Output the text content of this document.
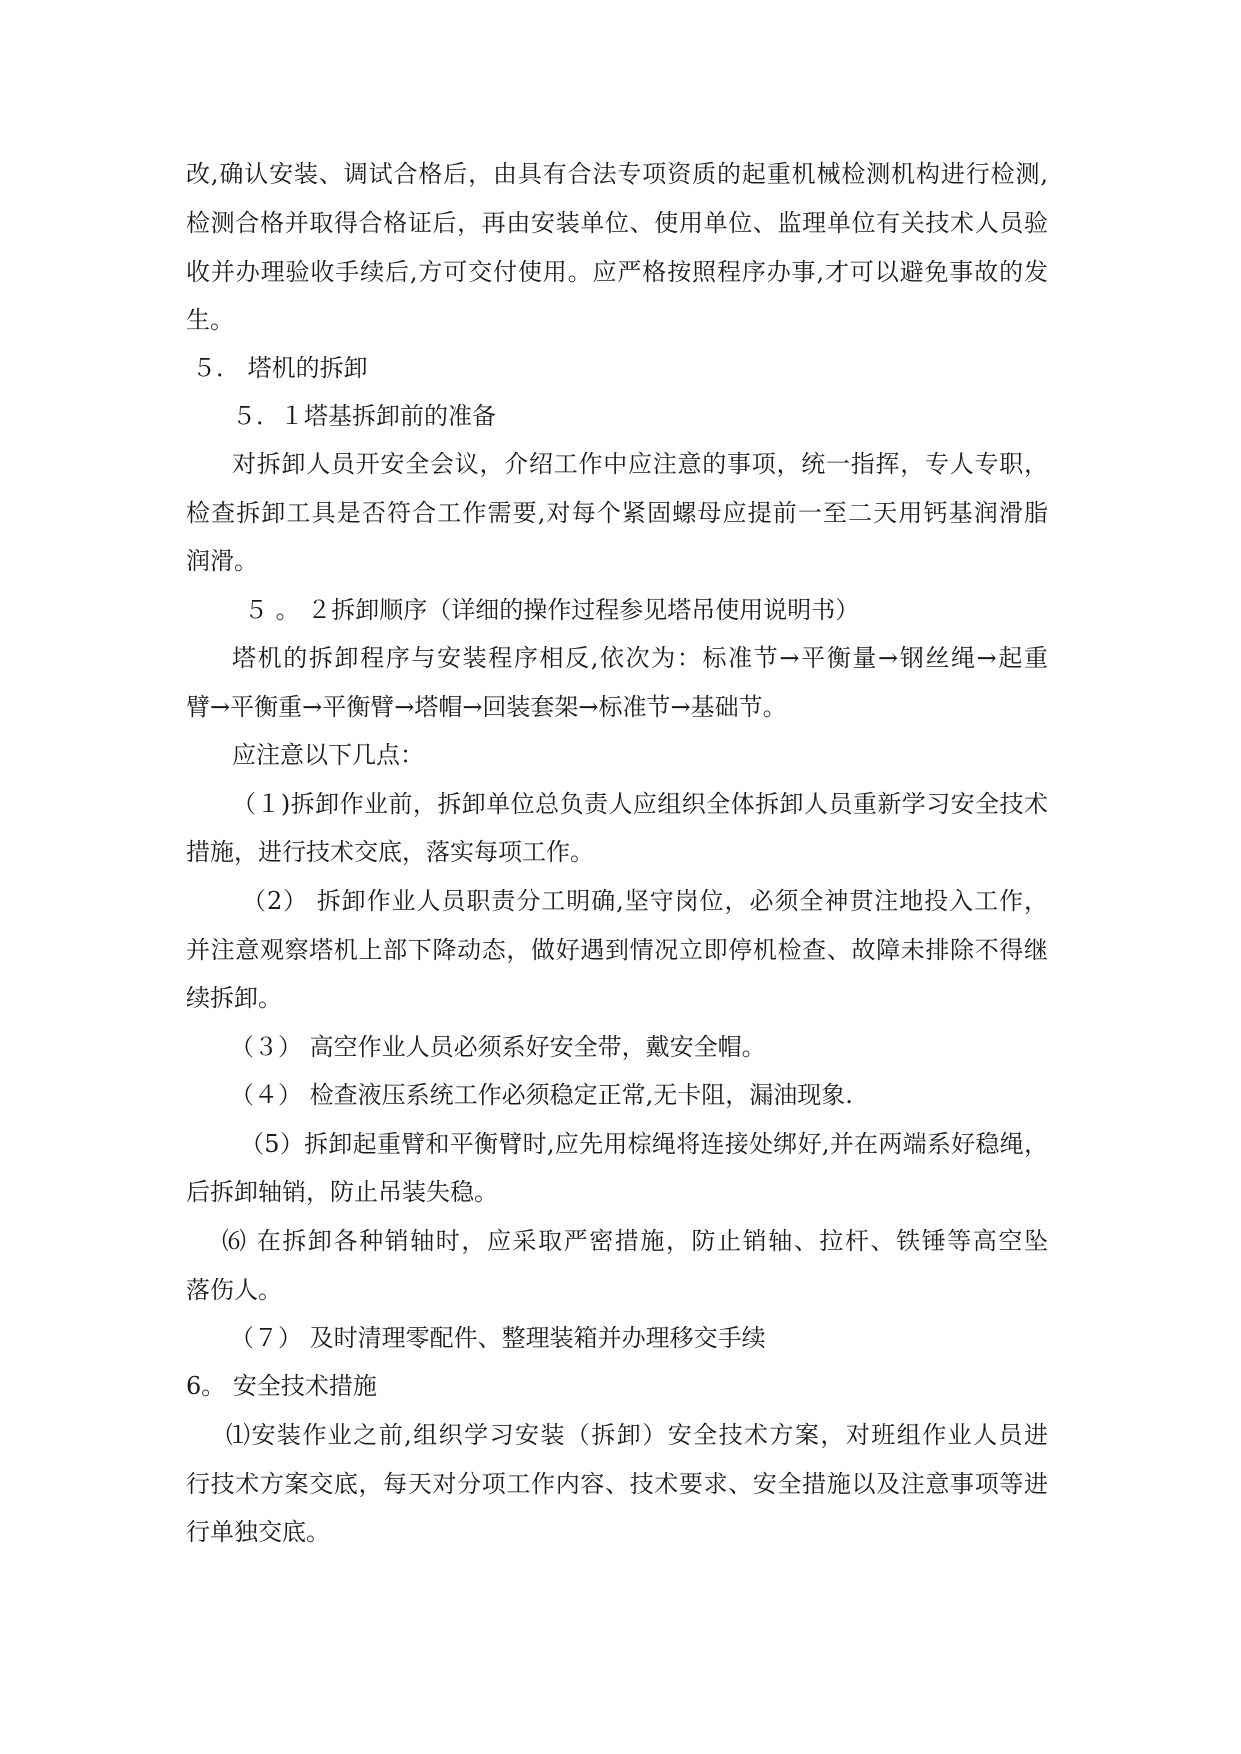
改,确认安装、调试合格后，由具有合法专项资质的起重机械检测机构进行检测,
检测合格并取得合格证后，再由安装单位、使用单位、监理单位有关技术人员验
收并办理验收手续后,方可交付使用。应严格按照程序办事,才可以避免事故的发
生。
５． 塔机的拆卸
５．１塔基拆卸前的准备
对拆卸人员开安全会议，介绍工作中应注意的事项，统一指挥，专人专职，
检查拆卸工具是否符合工作需要,对每个紧固螺母应提前一至二天用钙基润滑脂
润滑。
５ 。 ２拆卸顺序（详细的操作过程参见塔吊使用说明书）
塔机的拆卸程序与安装程序相反,依次为：标准节→平衡量→钢丝绳→起重
臂→平衡重→平衡臂→塔帽→回装套架→标准节→基础节。
应注意以下几点：
（１)拆卸作业前，拆卸单位总负责人应组织全体拆卸人员重新学习安全技术
措施，进行技术交底，落实每项工作。
（2） 拆卸作业人员职责分工明确,坚守岗位，必须全神贯注地投入工作，
并注意观察塔机上部下降动态，做好遇到情况立即停机检查、故障未排除不得继
续拆卸。
（３） 高空作业人员必须系好安全带，戴安全帽。
（４） 检查液压系统工作必须稳定正常,无卡阻，漏油现象.
（5）拆卸起重臂和平衡臂时,应先用棕绳将连接处绑好,并在两端系好稳绳，
后拆卸轴销，防止吊装失稳。
⑹ 在拆卸各种销轴时，应采取严密措施，防止销轴、拉杆、铁锤等高空坠
落伤人。
（７） 及时清理零配件、整理装箱并办理移交手续
6。 安全技术措施
⑴安装作业之前,组织学习安装（拆卸）安全技术方案，对班组作业人员进
行技术方案交底，每天对分项工作内容、技术要求、安全措施以及注意事项等进
行单独交底。
